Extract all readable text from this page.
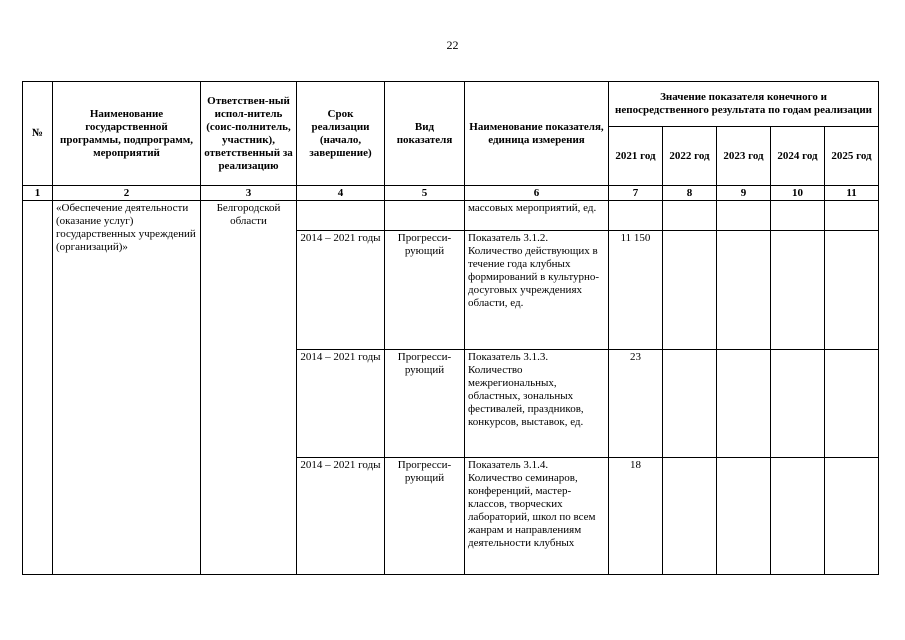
22
№	Наименование государственной программы, подпрограмм, мероприятий	Ответствен-ный испол-нитель (соис-полнитель, участник), ответственный за реализацию	Срок реализации (начало, завершение)	Вид показателя	Наименование показателя, единица измерения	Значение показателя конечного и непосредственного результата по годам реализации				
						2021 год	2022 год	2023 год	2024 год	2025 год
1	2	3	4	5	6	7	8	9	10	11
	«Обеспечение деятельности (оказание услуг) государственных учреждений (организаций)»	Белгородской области			массовых мероприятий, ед.					
			2014 – 2021 годы	Прогресси-рующий	Показатель 3.1.2. Количество действующих в течение года клубных формирований в культурно-досуговых учреждениях области, ед.	11 150				
			2014 – 2021 годы	Прогресси-рующий	Показатель 3.1.3. Количество межрегиональных, областных, зональных фестивалей, праздников, конкурсов, выставок, ед.	23				
			2014 – 2021 годы	Прогресси-рующий	Показатель 3.1.4. Количество семинаров, конференций, мастер-классов, творческих лабораторий, школ по всем жанрам и направлениям деятельности клубных	18				
